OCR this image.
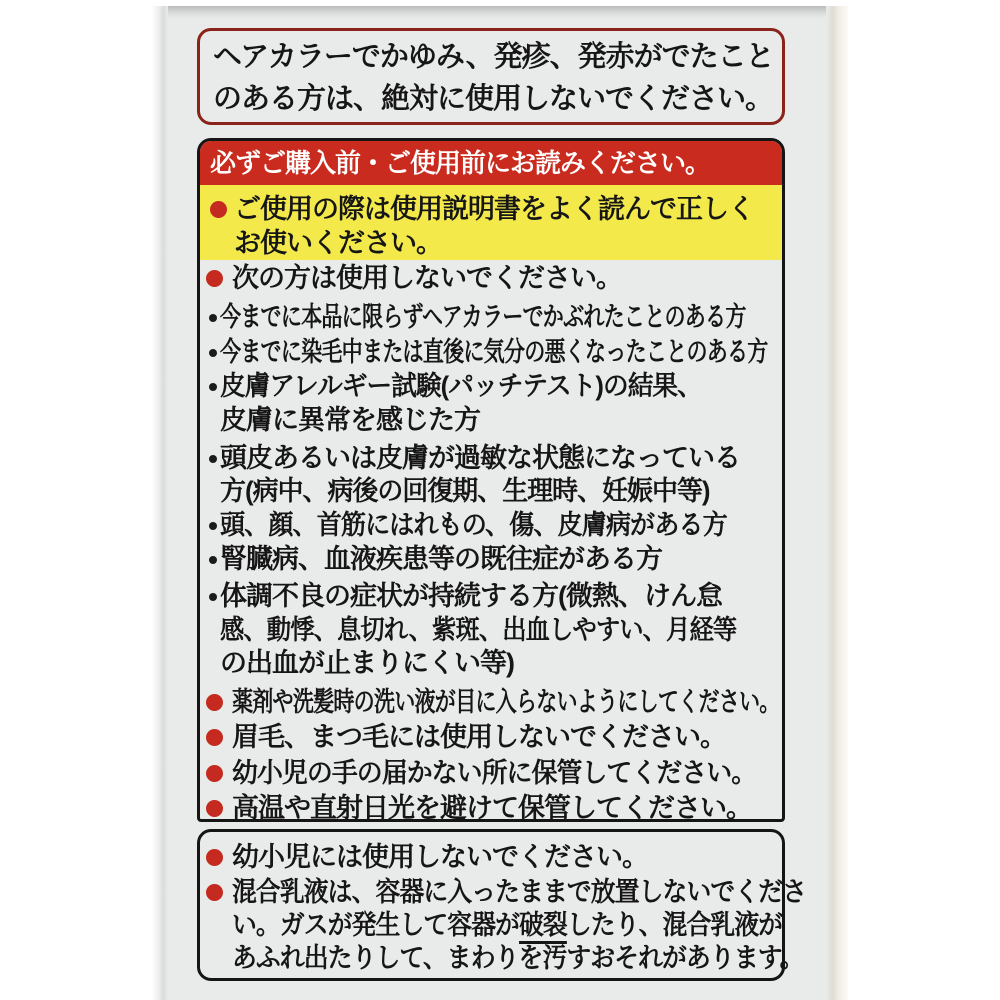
ヘアカラーでかゆみ、発疹、発赤がでたこと
のある方は、絶対に使用しないでください。
必ずご購入前・ご使用前にお読みください。
ご使用の際は使用説明書をよく読んで正しく
お使いください。
次の方は使用しないでください。
今までに本品に限らずヘアカラーでかぶれたことのある方
今までに染毛中または直後に気分の悪くなったことのある方
皮膚アレルギー試験(パッチテスト)の結果、
皮膚に異常を感じた方
頭皮あるいは皮膚が過敏な状態になっている
方(病中、病後の回復期、生理時、妊娠中等)
頭、顔、首筋にはれもの、傷、皮膚病がある方
腎臓病、血液疾患等の既往症がある方
体調不良の症状が持続する方(微熱、けん怠
感、動悸、息切れ、紫斑、出血しやすい、月経等
の出血が止まりにくい等)
薬剤や洗髪時の洗い液が目に入らないようにしてください。
眉毛、まつ毛には使用しないでください。
幼小児の手の届かない所に保管してください。
高温や直射日光を避けて保管してください。
幼小児には使用しないでください。
混合乳液は、容器に入ったままで放置しないでくださ
い。ガスが発生して容器が破裂したり、混合乳液が
あふれ出たりして、まわりを汚すおそれがあります。
